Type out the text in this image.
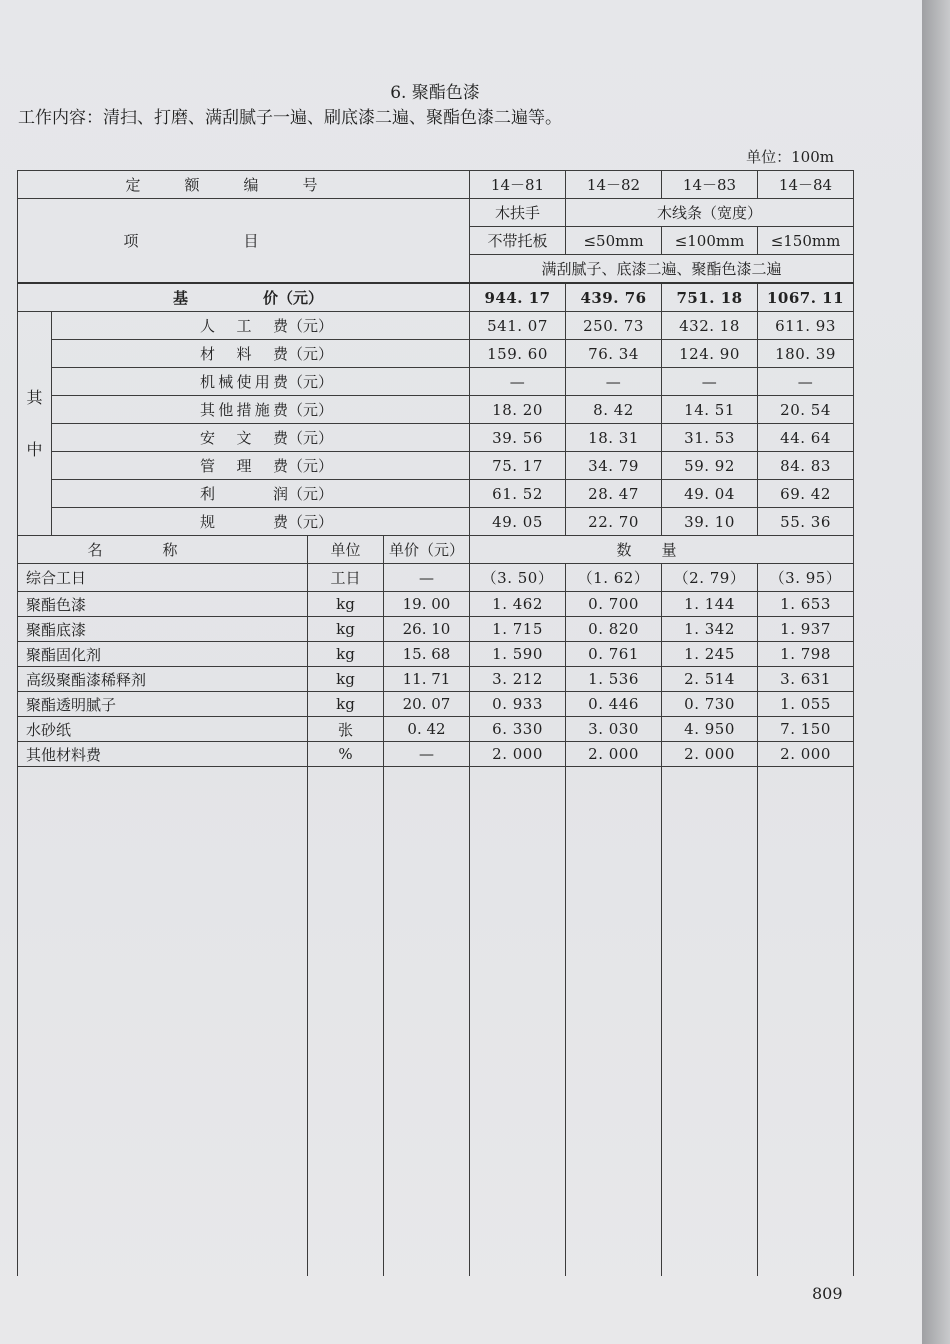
6. 聚酯色漆
工作内容：清扫、打磨、满刮腻子一遍、刷底漆二遍、聚酯色漆二遍等。
单位：100m
定额编号				14－81	14－82	14－83	14－84
项目				木扶手	木线条（宽度）		
				不带托板	≤50mm	≤100mm	≤150mm
				满刮腻子、底漆二遍、聚酯色漆二遍			
基　　　　　价（元）				944. 17	439. 76	751. 18	1067. 11

其
中	人工费（元）			541. 07	250. 73	432. 18	611. 93
	材料费（元）			159. 60	76. 34	124. 90	180. 39
	机械使用费（元）			—	—	—	—
	其他措施费（元）			18. 20	8. 42	14. 51	20. 54
	安文费（元）			39. 56	18. 31	31. 53	44. 64
	管理费（元）			75. 17	34. 79	59. 92	84. 83
	利润（元）			61. 52	28. 47	49. 04	69. 42
	规费（元）			49. 05	22. 70	39. 10	55. 36
名称		单位	单价（元）	数量			
综合工日		工日	—	（3. 50）	（1. 62）	（2. 79）	（3. 95）
聚酯色漆		kg	19. 00	1. 462	0. 700	1. 144	1. 653
聚酯底漆		kg	26. 10	1. 715	0. 820	1. 342	1. 937
聚酯固化剂		kg	15. 68	1. 590	0. 761	1. 245	1. 798
高级聚酯漆稀释剂		kg	11. 71	3. 212	1. 536	2. 514	3. 631
聚酯透明腻子		kg	20. 07	0. 933	0. 446	0. 730	1. 055
水砂纸		张	0. 42	6. 330	3. 030	4. 950	7. 150
其他材料费		%	—	2. 000	2. 000	2. 000	2. 000

809
